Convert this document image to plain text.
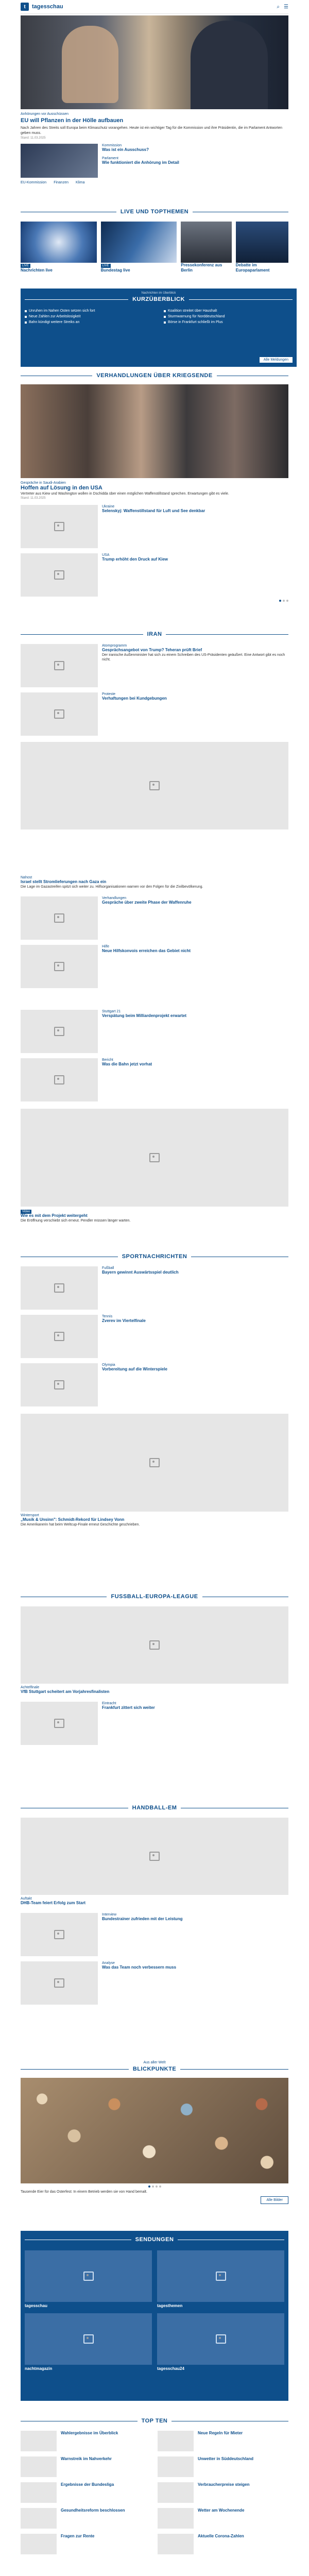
t	tagesschau	⌕ ☰
Anhörungen vor Ausschüssen
EU will Pflanzen in der Hölle aufbauen
Nach Jahren des Streits soll Europa beim Klimaschutz vorangehen. Heute ist ein wichtiger Tag für die Kommission und ihre Präsidentin, die im Parlament Antworten geben muss.
Stand: 11.03.2025
Kommission
Was ist ein Ausschuss?
Parlament
Wie funktioniert die Anhörung im Detail
EU-Kommission Finanzen Klima
LIVE UND TOPTHEMEN
LIVE
Nachrichten live
LIVE
Bundestag live
Pressekonferenz aus Berlin
Debatte im Europaparlament
Nachrichten im Überblick
KURZÜBERBLICK
Unruhen im Nahen Osten setzen sich fort	Koalition streitet über Haushalt
Neue Zahlen zur Arbeitslosigkeit	Sturmwarnung für Norddeutschland
Bahn kündigt weitere Streiks an	Börse in Frankfurt schließt im Plus
Alle Meldungen
VERHANDLUNGEN ÜBER KRIEGSENDE
Gespräche in Saudi-Arabien
Hoffen auf Lösung in den USA
Vertreter aus Kiew und Washington wollen in Dschidda über einen möglichen Waffenstillstand sprechen. Erwartungen gibt es viele.
Stand: 11.03.2025
Ukraine
Selenskyj: Waffenstillstand für Luft und See denkbar
USA
Trump erhöht den Druck auf Kiew
IRAN
Atomprogramm
Gesprächsangebot von Trump? Teheran prüft Brief
Der iranische Außenminister hat sich zu einem Schreiben des US-Präsidenten geäußert. Eine Antwort gibt es noch nicht.
Proteste
Verhaftungen bei Kundgebungen
Nahost
Israel stellt Stromlieferungen nach Gaza ein
Die Lage im Gazastreifen spitzt sich weiter zu. Hilfsorganisationen warnen vor den Folgen für die Zivilbevölkerung.
Verhandlungen
Gespräche über zweite Phase der Waffenruhe
Hilfe
Neue Hilfskonvois erreichen das Gebiet nicht
Stuttgart 21
Verspätung beim Milliardenprojekt erwartet
Bericht
Was die Bahn jetzt vorhat
Video
Wie es mit dem Projekt weitergeht
Die Eröffnung verschiebt sich erneut. Pendler müssen länger warten.
SPORTNACHRICHTEN
Fußball
Bayern gewinnt Auswärtsspiel deutlich
Tennis
Zverev im Viertelfinale
Olympia
Vorbereitung auf die Winterspiele
Wintersport
„Musik & Unsinn": Schmidt-Rekord für Lindsey Vonn
Die Amerikanerin hat beim Weltcup-Finale erneut Geschichte geschrieben.
FUSSBALL-EUROPA-LEAGUE
Achtelfinale
VfB Stuttgart scheitert am Vorjahresfinalisten
Eintracht
Frankfurt zittert sich weiter
HANDBALL-EM
Auftakt
DHB-Team feiert Erfolg zum Start
Interview
Bundestrainer zufrieden mit der Leistung
Analyse
Was das Team noch verbessern muss
Aus aller Welt
BLICKPUNKTE
Tausende Eier für das Osterfest: In einem Betrieb werden sie von Hand bemalt.
Alle Bilder
SENDUNGEN
tagesschau	tagesthemen
nachtmagazin	tagesschau24
TOP TEN
Wahlergebnisse im Überblick	Neue Regeln für Mieter
Warnstreik im Nahverkehr	Unwetter in Süddeutschland
Ergebnisse der Bundesliga	Verbraucherpreise steigen
Gesundheitsreform beschlossen	Wetter am Wochenende
Fragen zur Rente	Aktuelle Corona-Zahlen
